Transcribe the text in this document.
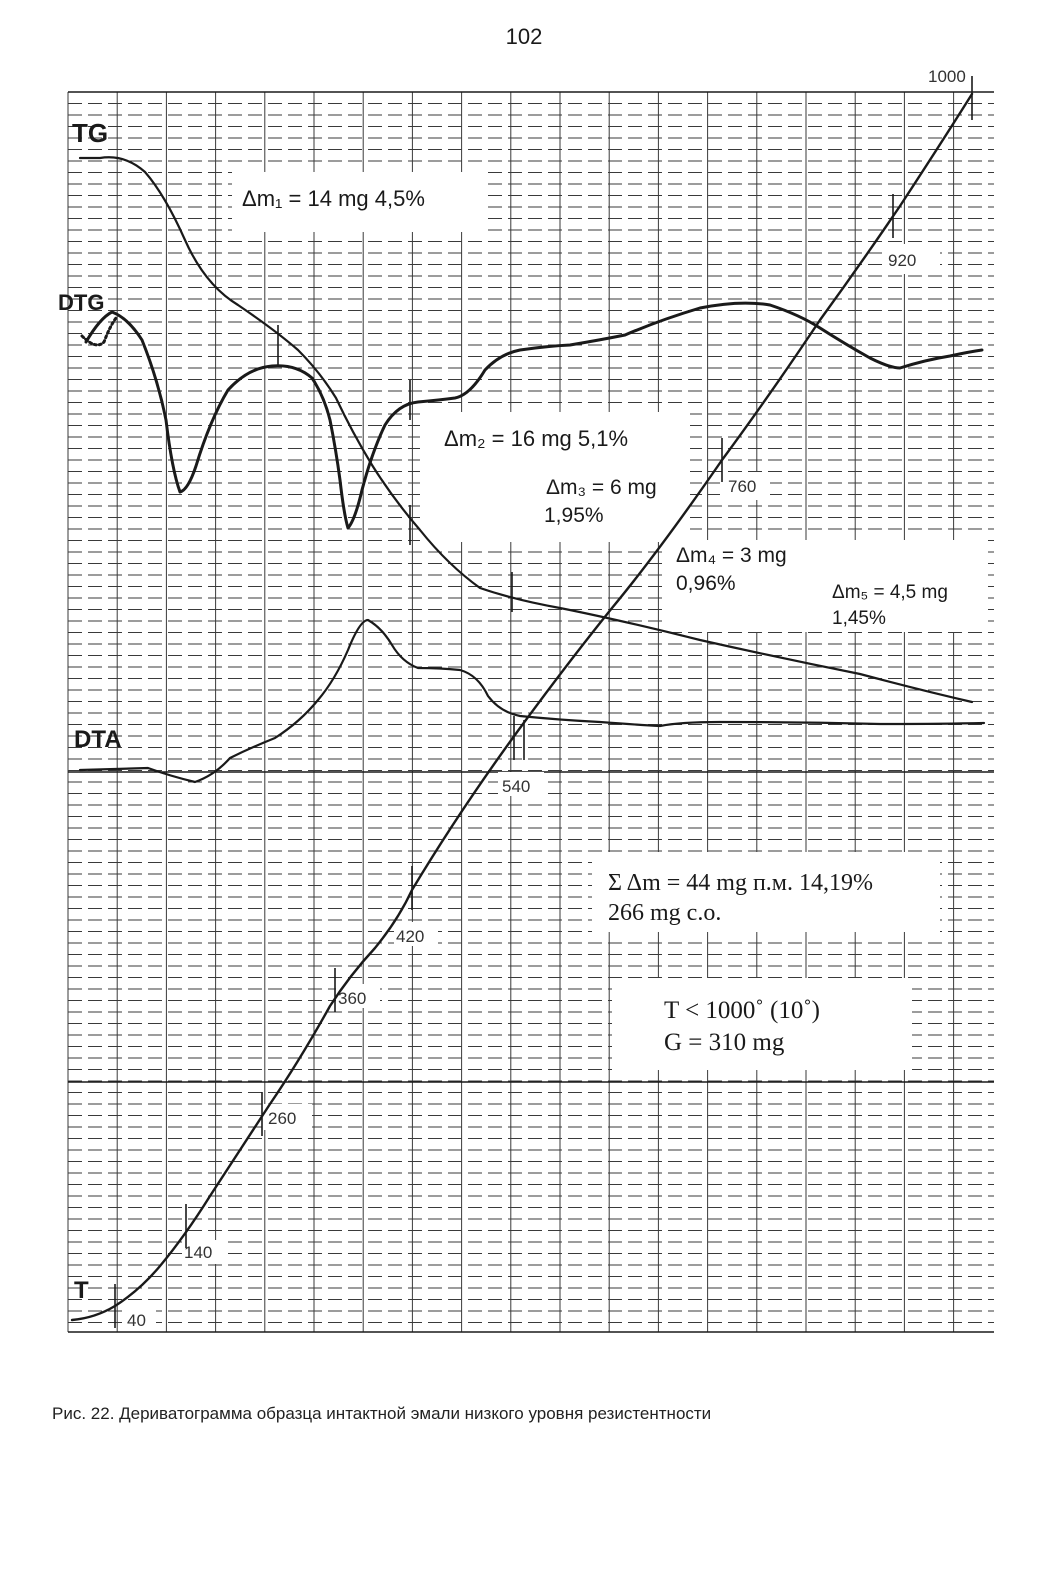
102
TG
DTG
DTA
T
40
140
260
360
420
540
760
920
1000
Δm₁ = 14 mg 4,5%
Δm₂ = 16 mg 5,1%
Δm₃ = 6 mg
1,95%
Δm₄ = 3 mg
0,96%	Δm₅ = 4,5 mg
1,45%
Σ Δm = 44 mg п.м. 14,19%
266 mg с.о.
T < 1000˚ (10˚)
G = 310 mg
Рис. 22. Дериватограмма образца интактной эмали низкого уровня резистентности
